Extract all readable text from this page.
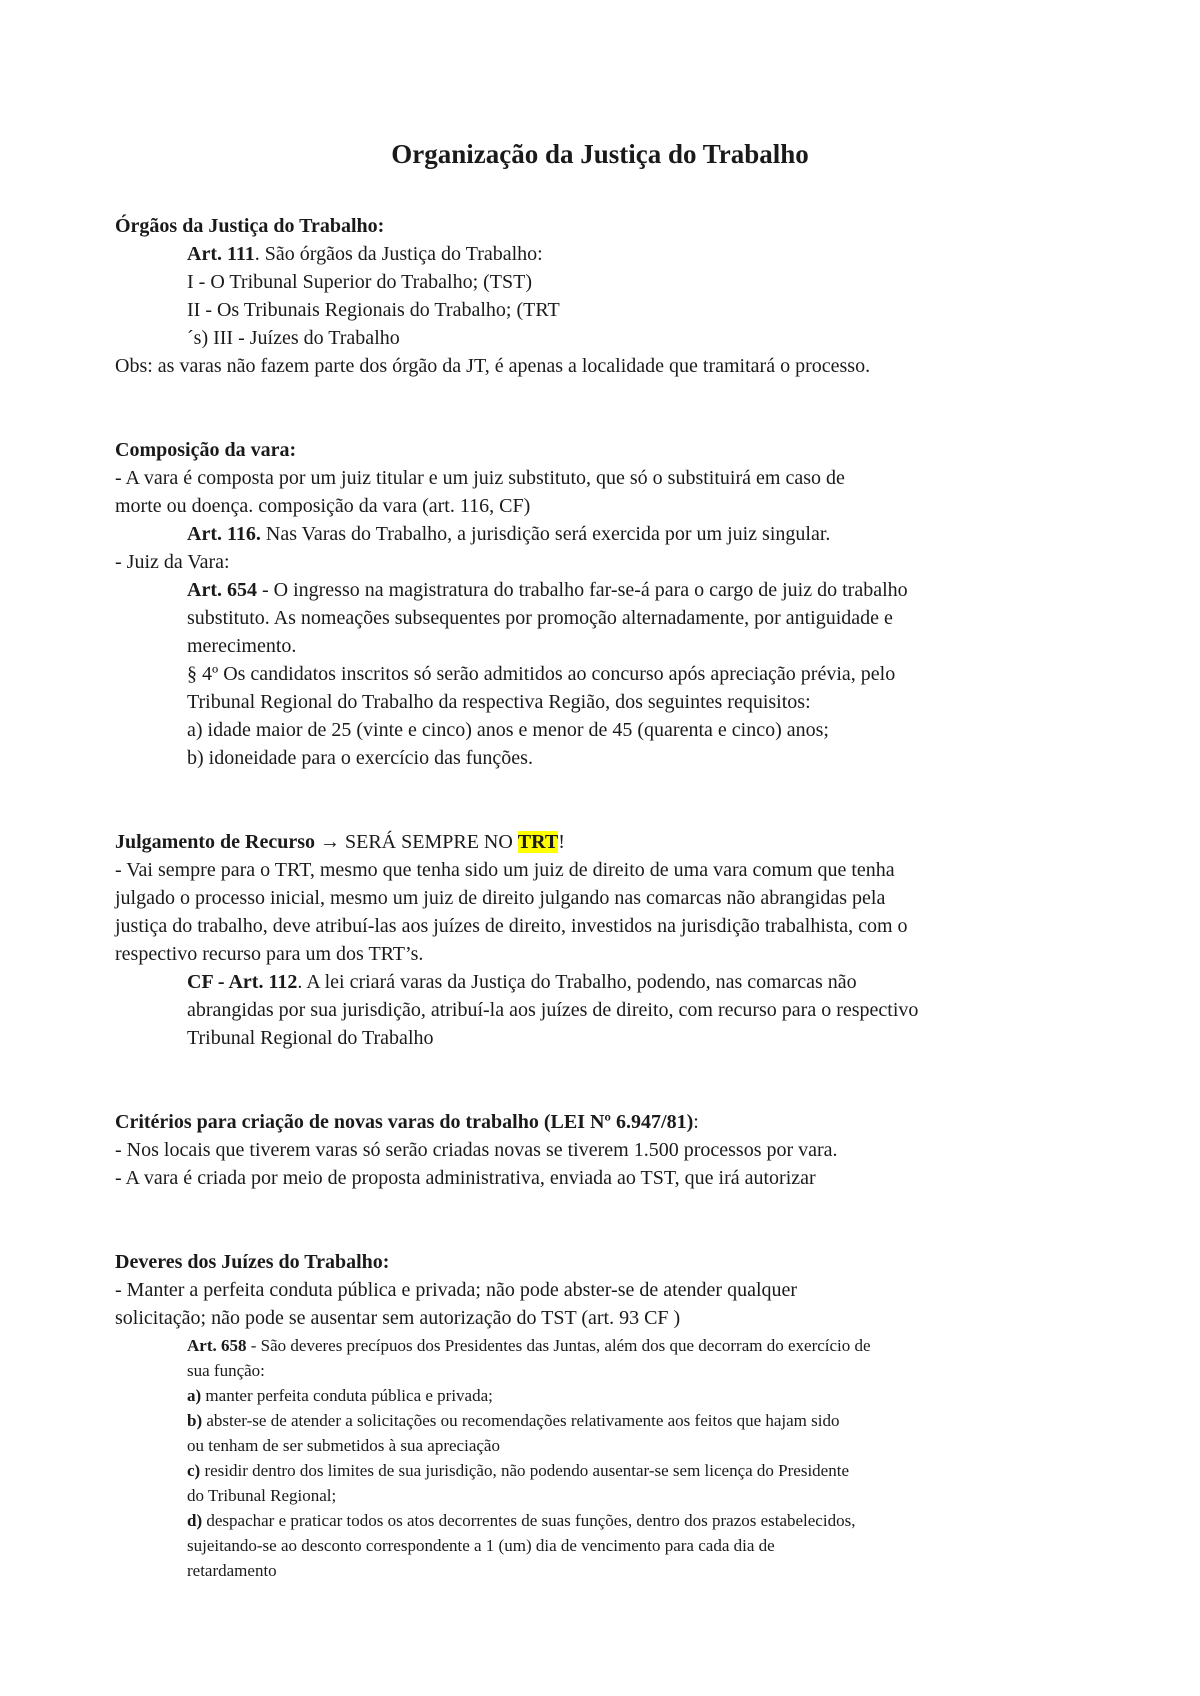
Organização da Justiça do Trabalho
Órgãos da Justiça do Trabalho:
Art. 111. São órgãos da Justiça do Trabalho:
I - O Tribunal Superior do Trabalho; (TST)
II - Os Tribunais Regionais do Trabalho; (TRT
´s) III - Juízes do Trabalho
Obs: as varas não fazem parte dos órgão da JT, é apenas a localidade que tramitará o processo.
Composição da vara:
- A vara é composta por um juiz titular e um juiz substituto, que só o substituirá em caso de
morte ou doença. composição da vara (art. 116, CF)
Art. 116. Nas Varas do Trabalho, a jurisdição será exercida por um juiz singular.
- Juiz da Vara:
Art. 654 - O ingresso na magistratura do trabalho far-se-á para o cargo de juiz do trabalho
substituto. As nomeações subsequentes por promoção alternadamente, por antiguidade e
merecimento.
§ 4º Os candidatos inscritos só serão admitidos ao concurso após apreciação prévia, pelo
Tribunal Regional do Trabalho da respectiva Região, dos seguintes requisitos:
a) idade maior de 25 (vinte e cinco) anos e menor de 45 (quarenta e cinco) anos;
b) idoneidade para o exercício das funções.
Julgamento de Recurso → SERÁ SEMPRE NO TRT!
- Vai sempre para o TRT, mesmo que tenha sido um juiz de direito de uma vara comum que tenha
julgado o processo inicial, mesmo um juiz de direito julgando nas comarcas não abrangidas pela
justiça do trabalho, deve atribuí-las aos juízes de direito, investidos na jurisdição trabalhista, com o
respectivo recurso para um dos TRT’s.
CF - Art. 112. A lei criará varas da Justiça do Trabalho, podendo, nas comarcas não
abrangidas por sua jurisdição, atribuí-la aos juízes de direito, com recurso para o respectivo
Tribunal Regional do Trabalho
Critérios para criação de novas varas do trabalho (LEI Nº 6.947/81):
- Nos locais que tiverem varas só serão criadas novas se tiverem 1.500 processos por vara.
- A vara é criada por meio de proposta administrativa, enviada ao TST, que irá autorizar
Deveres dos Juízes do Trabalho:
- Manter a perfeita conduta pública e privada; não pode abster-se de atender qualquer
solicitação; não pode se ausentar sem autorização do TST (art. 93 CF )
Art. 658 - São deveres precípuos dos Presidentes das Juntas, além dos que decorram do exercício de
sua função:
a) manter perfeita conduta pública e privada;
b) abster-se de atender a solicitações ou recomendações relativamente aos feitos que hajam sido
ou tenham de ser submetidos à sua apreciação
c) residir dentro dos limites de sua jurisdição, não podendo ausentar-se sem licença do Presidente
do Tribunal Regional;
d) despachar e praticar todos os atos decorrentes de suas funções, dentro dos prazos estabelecidos,
sujeitando-se ao desconto correspondente a 1 (um) dia de vencimento para cada dia de
retardamento
